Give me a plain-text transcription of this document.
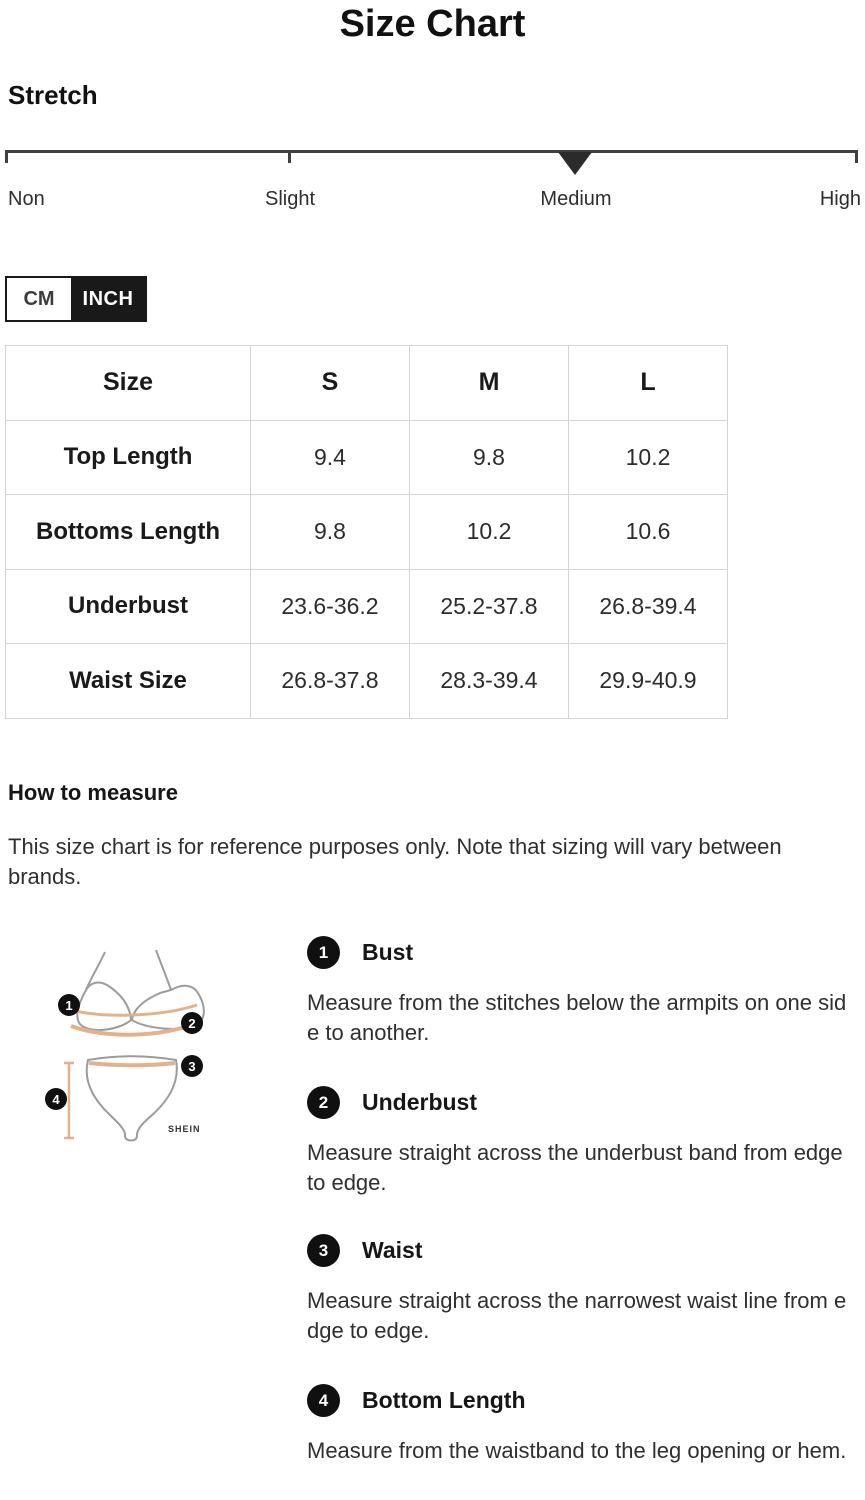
Size Chart
Stretch
Non	Slight	Medium	High
CM	INCH
Size	S	M	L
Top Length	9.4	9.8	10.2
Bottoms Length	9.8	10.2	10.6
Underbust	23.6-36.2	25.2-37.8	26.8-39.4
Waist Size	26.8-37.8	28.3-39.4	29.9-40.9
How to measure
This size chart is for reference purposes only. Note that sizing will vary between brands.
SHEIN
1
2
3
4
1	Bust
Measure from the stitches below the armpits on one side to another.
2	Underbust
Measure straight across the underbust band from edge to edge.
3	Waist
Measure straight across the narrowest waist line from edge to edge.
4	Bottom Length
Measure from the waistband to the leg opening or hem.
